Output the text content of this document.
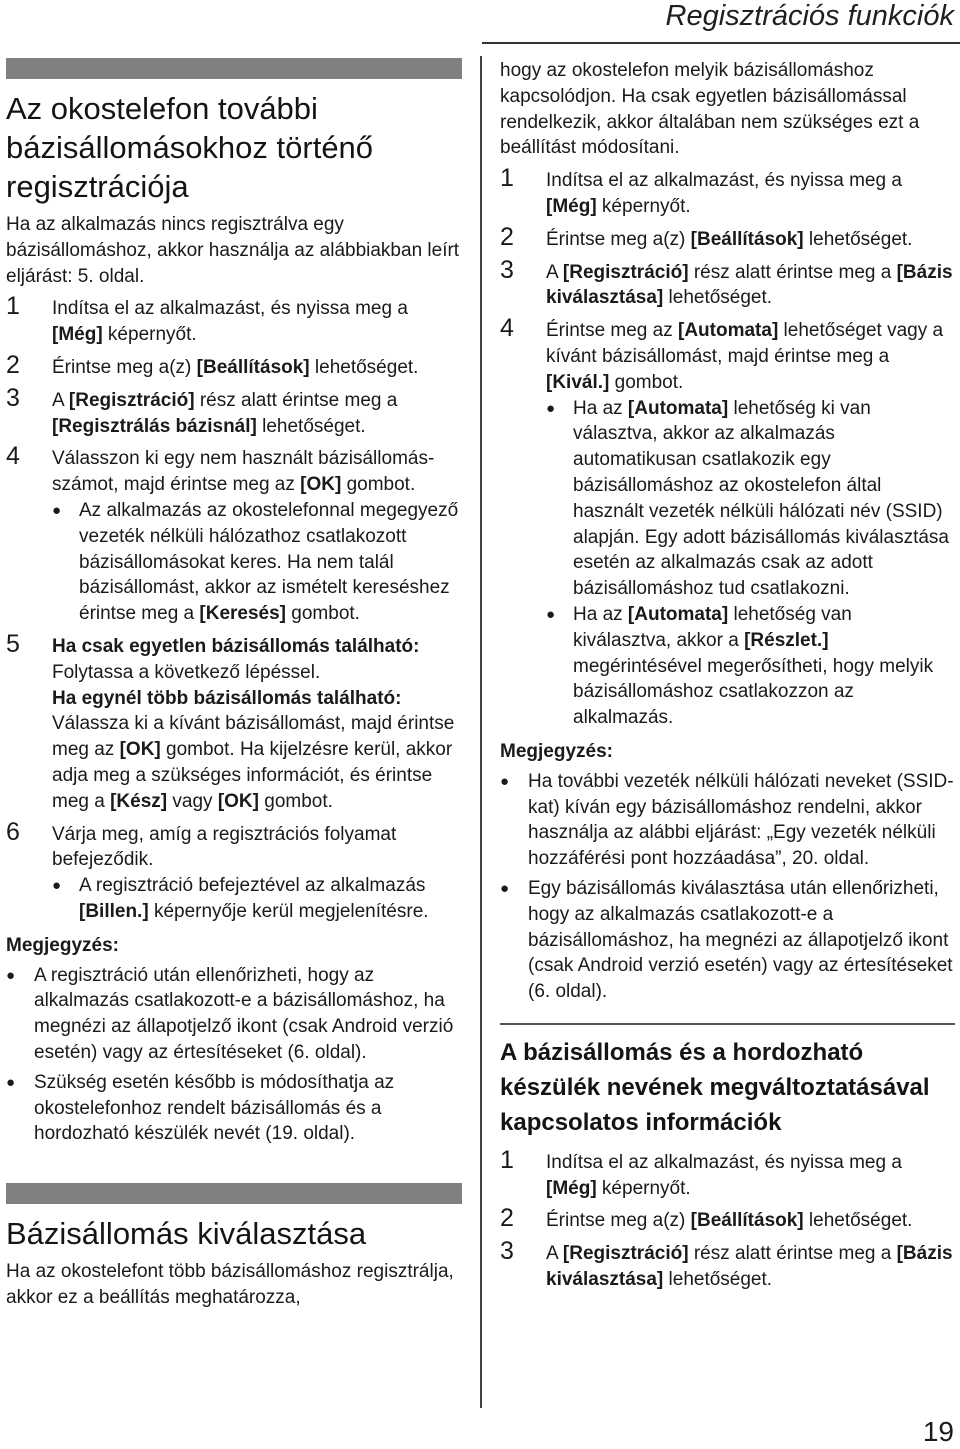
Regisztrációs funkciók
Az okostelefon további bázisállomásokhoz történő regisztrációja

Ha az alkalmazás nincs regisztrálva egy bázisállomáshoz, akkor használja az alábbiakban leírt eljárást: 5. oldal.

1 Indítsa el az alkalmazást, és nyissa meg a [Még] képernyőt.
2 Érintse meg a(z) [Beállítások] lehetőséget.
3 A [Regisztráció] rész alatt érintse meg a [Regisztrálás bázisnál] lehetőséget.
4 Válasszon ki egy nem használt bázisállomás-számot, majd érintse meg az [OK] gombot.
● Az alkalmazás az okostelefonnal megegyező vezeték nélküli hálózathoz csatlakozott bázisállomásokat keres. Ha nem talál bázisállomást, akkor az ismételt kereséshez érintse meg a [Keresés] gombot.
5 Ha csak egyetlen bázisállomás található:

Folytassa a következő lépéssel.

Ha egynél több bázisállomás található:

Válassza ki a kívánt bázisállomást, majd érintse meg az [OK] gombot. Ha kijelzésre kerül, akkor adja meg a szükséges információt, és érintse meg a [Kész] vagy [OK] gombot.

6 Várja meg, amíg a regisztrációs folyamat befejeződik.
● A regisztráció befejeztével az alkalmazás [Billen.] képernyője kerül megjelenítésre.

Megjegyzés:

● A regisztráció után ellenőrizheti, hogy az alkalmazás csatlakozott-e a bázisállomáshoz, ha megnézi az állapotjelző ikont (csak Android verzió esetén) vagy az értesítéseket (6. oldal).
● Szükség esetén később is módosíthatja az okostelefonhoz rendelt bázisállomás és a hordozható készülék nevét (19. oldal).
Bázisállomás kiválasztása

Ha az okostelefont több bázisállomáshoz regisztrálja, akkor ez a beállítás meghatározza,

hogy az okostelefon melyik bázisállomáshoz kapcsolódjon. Ha csak egyetlen bázisállomással rendelkezik, akkor általában nem szükséges ezt a beállítást módosítani.

1 Indítsa el az alkalmazást, és nyissa meg a [Még] képernyőt.
2 Érintse meg a(z) [Beállítások] lehetőséget.
3 A [Regisztráció] rész alatt érintse meg a [Bázis kiválasztása] lehetőséget.
4 Érintse meg az [Automata] lehetőséget vagy a kívánt bázisállomást, majd érintse meg a [Kivál.] gombot.
● Ha az [Automata] lehetőség ki van választva, akkor az alkalmazás automatikusan csatlakozik egy bázisállomáshoz az okostelefon által használt vezeték nélküli hálózati név (SSID) alapján. Egy adott bázisállomás kiválasztása esetén az alkalmazás csak az adott bázisállomáshoz tud csatlakozni.
● Ha az [Automata] lehetőség van kiválasztva, akkor a [Részlet.] megérintésével megerősítheti, hogy melyik bázisállomáshoz csatlakozzon az alkalmazás.

Megjegyzés:

● Ha további vezeték nélküli hálózati neveket (SSID-kat) kíván egy bázisállomáshoz rendelni, akkor használja az alábbi eljárást: „Egy vezeték nélküli hozzáférési pont hozzáadása”, 20. oldal.
● Egy bázisállomás kiválasztása után ellenőrizheti, hogy az alkalmazás csatlakozott-e a bázisállomáshoz, ha megnézi az állapotjelző ikont (csak Android verzió esetén) vagy az értesítéseket (6. oldal).
A bázisállomás és a hordozható készülék nevének megváltoztatásával kapcsolatos információk
1 Indítsa el az alkalmazást, és nyissa meg a [Még] képernyőt.
2 Érintse meg a(z) [Beállítások] lehetőséget.
3 A [Regisztráció] rész alatt érintse meg a [Bázis kiválasztása] lehetőséget.
19
